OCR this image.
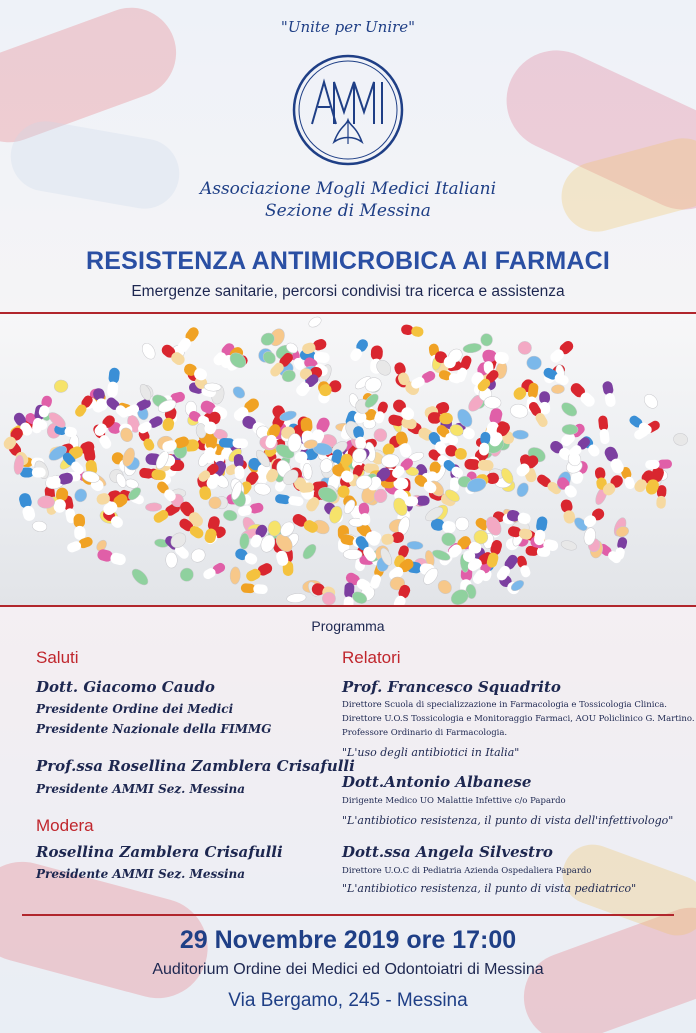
"Unite per Unire"
Associazione Mogli Medici Italiani
Sezione di Messina
RESISTENZA ANTIMICROBICA AI FARMACI
Emergenze sanitarie, percorsi condivisi tra ricerca e assistenza
Programma
Saluti
Dott. Giacomo Caudo
Presidente Ordine dei Medici
Presidente Nazionale della FIMMG
Prof.ssa Rosellina Zamblera Crisafulli
Presidente AMMI Sez. Messina
Modera
Rosellina Zamblera Crisafulli
Presidente AMMI Sez. Messina
Relatori
Prof. Francesco Squadrito
Direttore Scuola di specializzazione in Farmacologia e Tossicologia Clinica.
Direttore U.O.S Tossicologia e Monitoraggio Farmaci, AOU Policlinico G. Martino.
Professore Ordinario di Farmacologia.
"L'uso degli antibiotici in Italia"
Dott.Antonio Albanese
Dirigente Medico UO Malattie Infettive c/o Papardo
"L'antibiotico resistenza, il punto di vista dell'infettivologo"
Dott.ssa Angela Silvestro
Direttore U.O.C di Pediatria Azienda Ospedaliera Papardo
"L'antibiotico resistenza, il punto di vista pediatrico"
29 Novembre 2019 ore 17:00
Auditorium Ordine dei Medici ed Odontoiatri di Messina
Via Bergamo, 245 - Messina
